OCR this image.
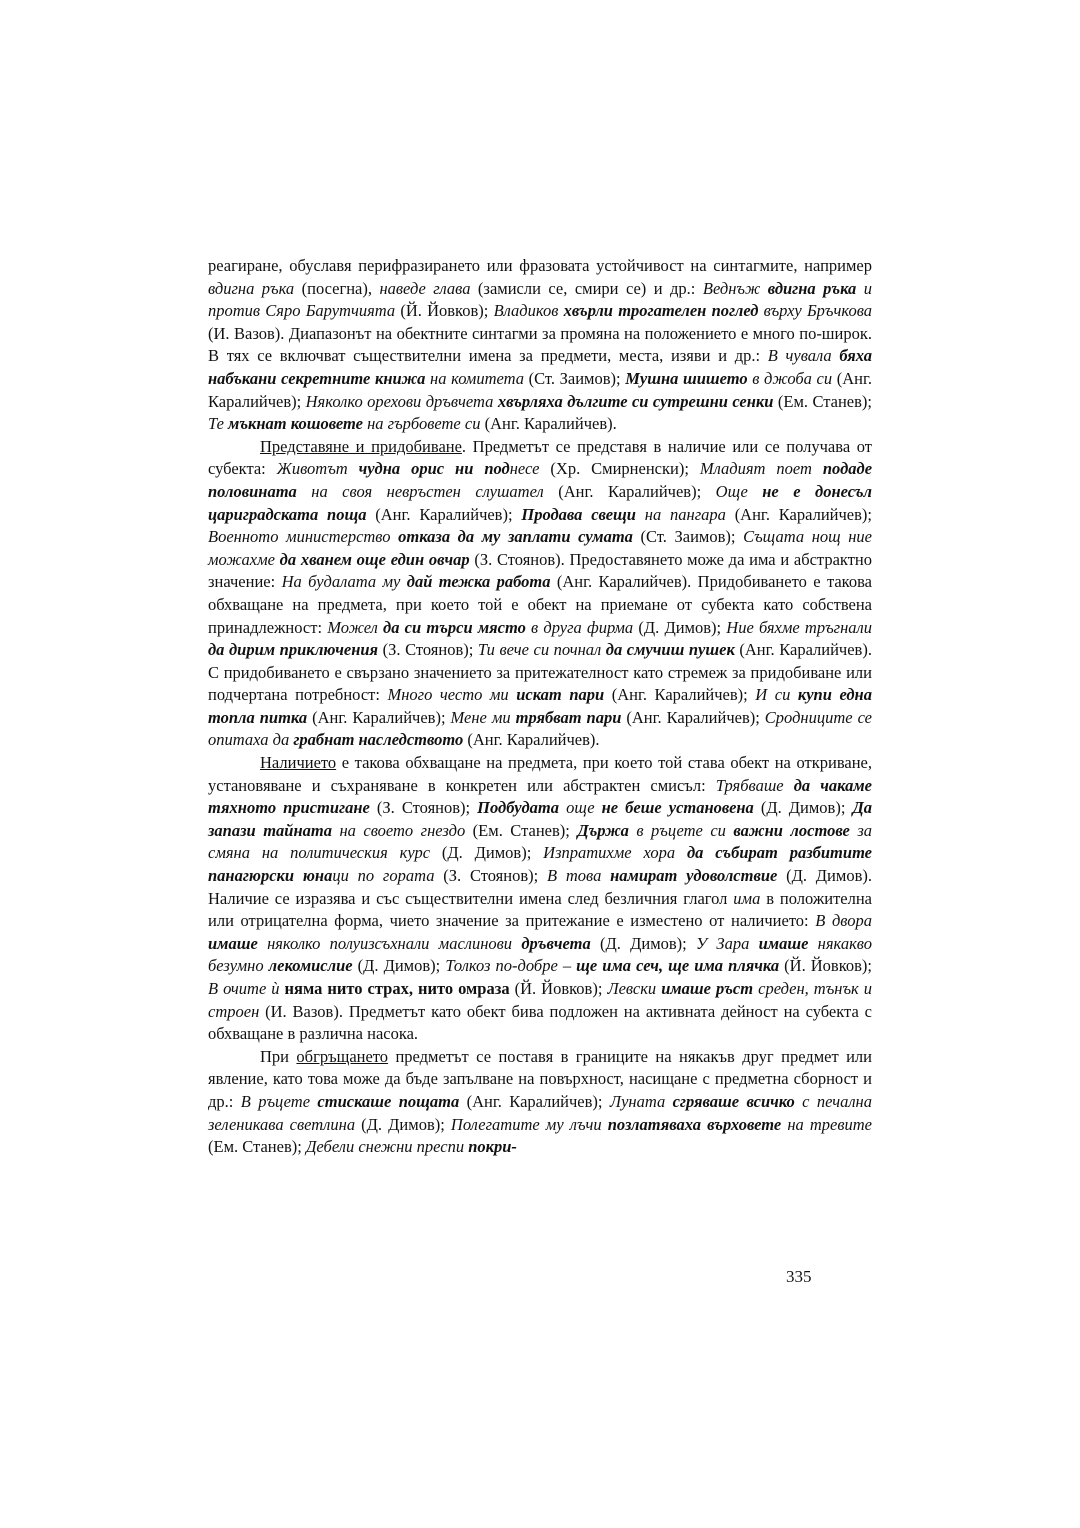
реагиране, обуславя перифразирането или фразовата устойчивост на синтагмите, например вдигна ръка (посегна), наведе глава (замисли се, смири се) и др.: Веднъж вдигна ръка и против Сяро Барутчията (Й. Йовков); Владиков хвърли трогателен поглед върху Бръчкова (И. Вазов). Диапазонът на обектните синтагми за промяна на положението е много по-широк. В тях се включват съществителни имена за предмети, места, изяви и др.: В чувала бяха набъкани секретните книжа на комитета (Ст. Заимов); Мушна шишето в джоба си (Анг. Каралийчев); Няколко орехови дръвчета хвърляха дългите си сутрешни сенки (Ем. Станев); Те мъкнат кошовете на гърбовете си (Анг. Каралийчев).

Представяне и придобиване. Предметът се представя в наличие или се получава от субекта: Животът чудна орис ни поднесе (Хр. Смирненски); Младият поет подаде половината на своя невръстен слушател (Анг. Каралийчев); Още не е донесъл цариградската поща (Анг. Каралийчев); Продава свещи на пангара (Анг. Каралийчев); Военното министерство отказа да му заплати сумата (Ст. Заимов); Същата нощ ние можахме да хванем още един овчар (З. Стоянов). Предоставянето може да има и абстрактно значение: На будалата му дай тежка работа (Анг. Каралийчев). Придобиването е такова обхващане на предмета, при което той е обект на приемане от субекта като собствена принадлежност: Можел да си търси място в друга фирма (Д. Димов); Ние бяхме тръгнали да дирим приключения (З. Стоянов); Ти вече си почнал да смучиш пушек (Анг. Каралийчев). С придобиването е свързано значението за притежателност като стремеж за придобиване или подчертана потребност: Много често ми искат пари (Анг. Каралийчев); И си купи една топла питка (Анг. Каралийчев); Мене ми трябват пари (Анг. Каралийчев); Сродниците се опитаха да грабнат наследството (Анг. Каралийчев).

Наличието е такова обхващане на предмета, при което той става обект на откриване, установяване и съхраняване в конкретен или абстрактен смисъл: Трябваше да чакаме тяхното пристигане (З. Стоянов); Подбудата още не беше установена (Д. Димов); Да запази тайната на своето гнездо (Ем. Станев); Държа в ръцете си важни лостове за смяна на политическия курс (Д. Димов); Изпратихме хора да събират разбитите панагюрски юнаци по гората (З. Стоянов); В това намират удоволствие (Д. Димов). Наличие се изразява и със съществителни имена след безличния глагол има в положителна или отрицателна форма, чието значение за притежание е изместено от наличието: В двора имаше няколко полуизсъхнали маслинови дръвчета (Д. Димов); У Зара имаше някакво безумно лекомислие (Д. Димов); Толкоз по-добре – ще има сеч, ще има плячка (Й. Йовков); В очите ѝ няма нито страх, нито омраза (Й. Йовков); Левски имаше ръст среден, тънък и строен (И. Вазов). Предметът като обект бива подложен на активната дейност на субекта с обхващане в различна насока.

При обгръщането предметът се поставя в границите на някакъв друг предмет или явление, като това може да бъде запълване на повърхност, насищане с предметна сборност и др.: В ръцете стискаше пощата (Анг. Каралийчев); Луната сгряваше всичко с печална зеленикава светлина (Д. Димов); Полегатите му лъчи позлатяваха върховете на тревите (Ем. Станев); Дебели снежни преспи покри-

335
